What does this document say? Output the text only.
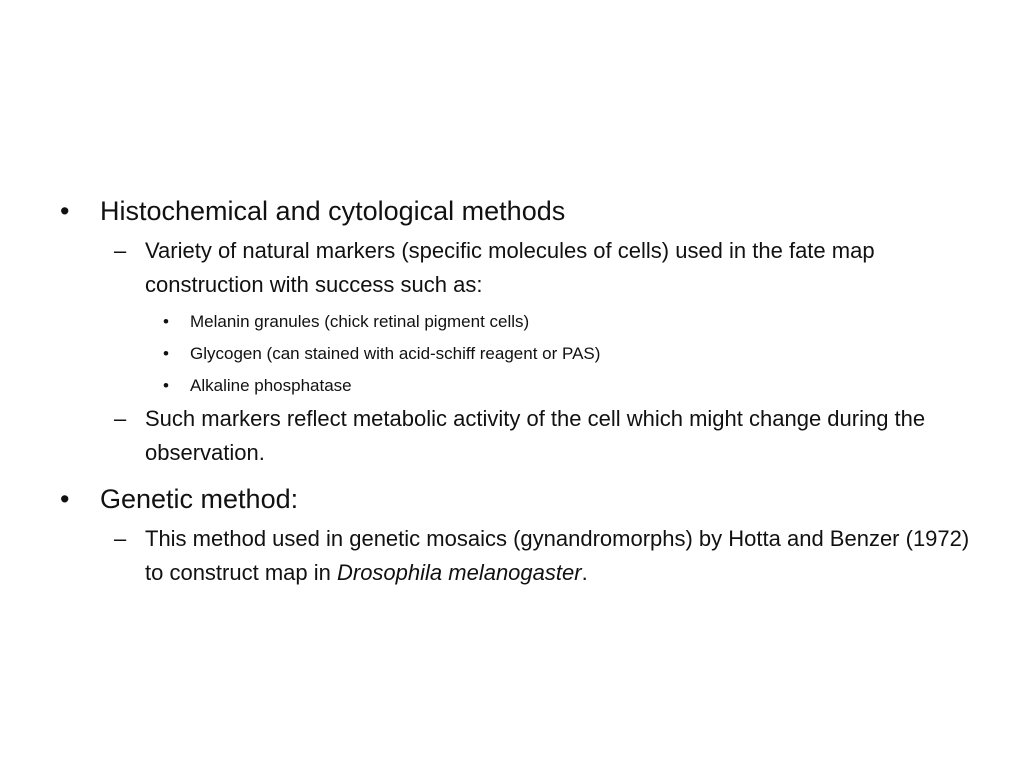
• Histochemical and cytological methods
– Variety of natural markers (specific molecules of cells) used in the fate map construction with success such as:
• Melanin granules (chick retinal pigment cells)
• Glycogen (can stained with acid-schiff reagent or PAS)
• Alkaline phosphatase
– Such markers reflect metabolic activity of the cell which might change during the observation.
• Genetic method:
– This method used in genetic mosaics (gynandromorphs) by Hotta and Benzer (1972) to construct map in Drosophila melanogaster.
